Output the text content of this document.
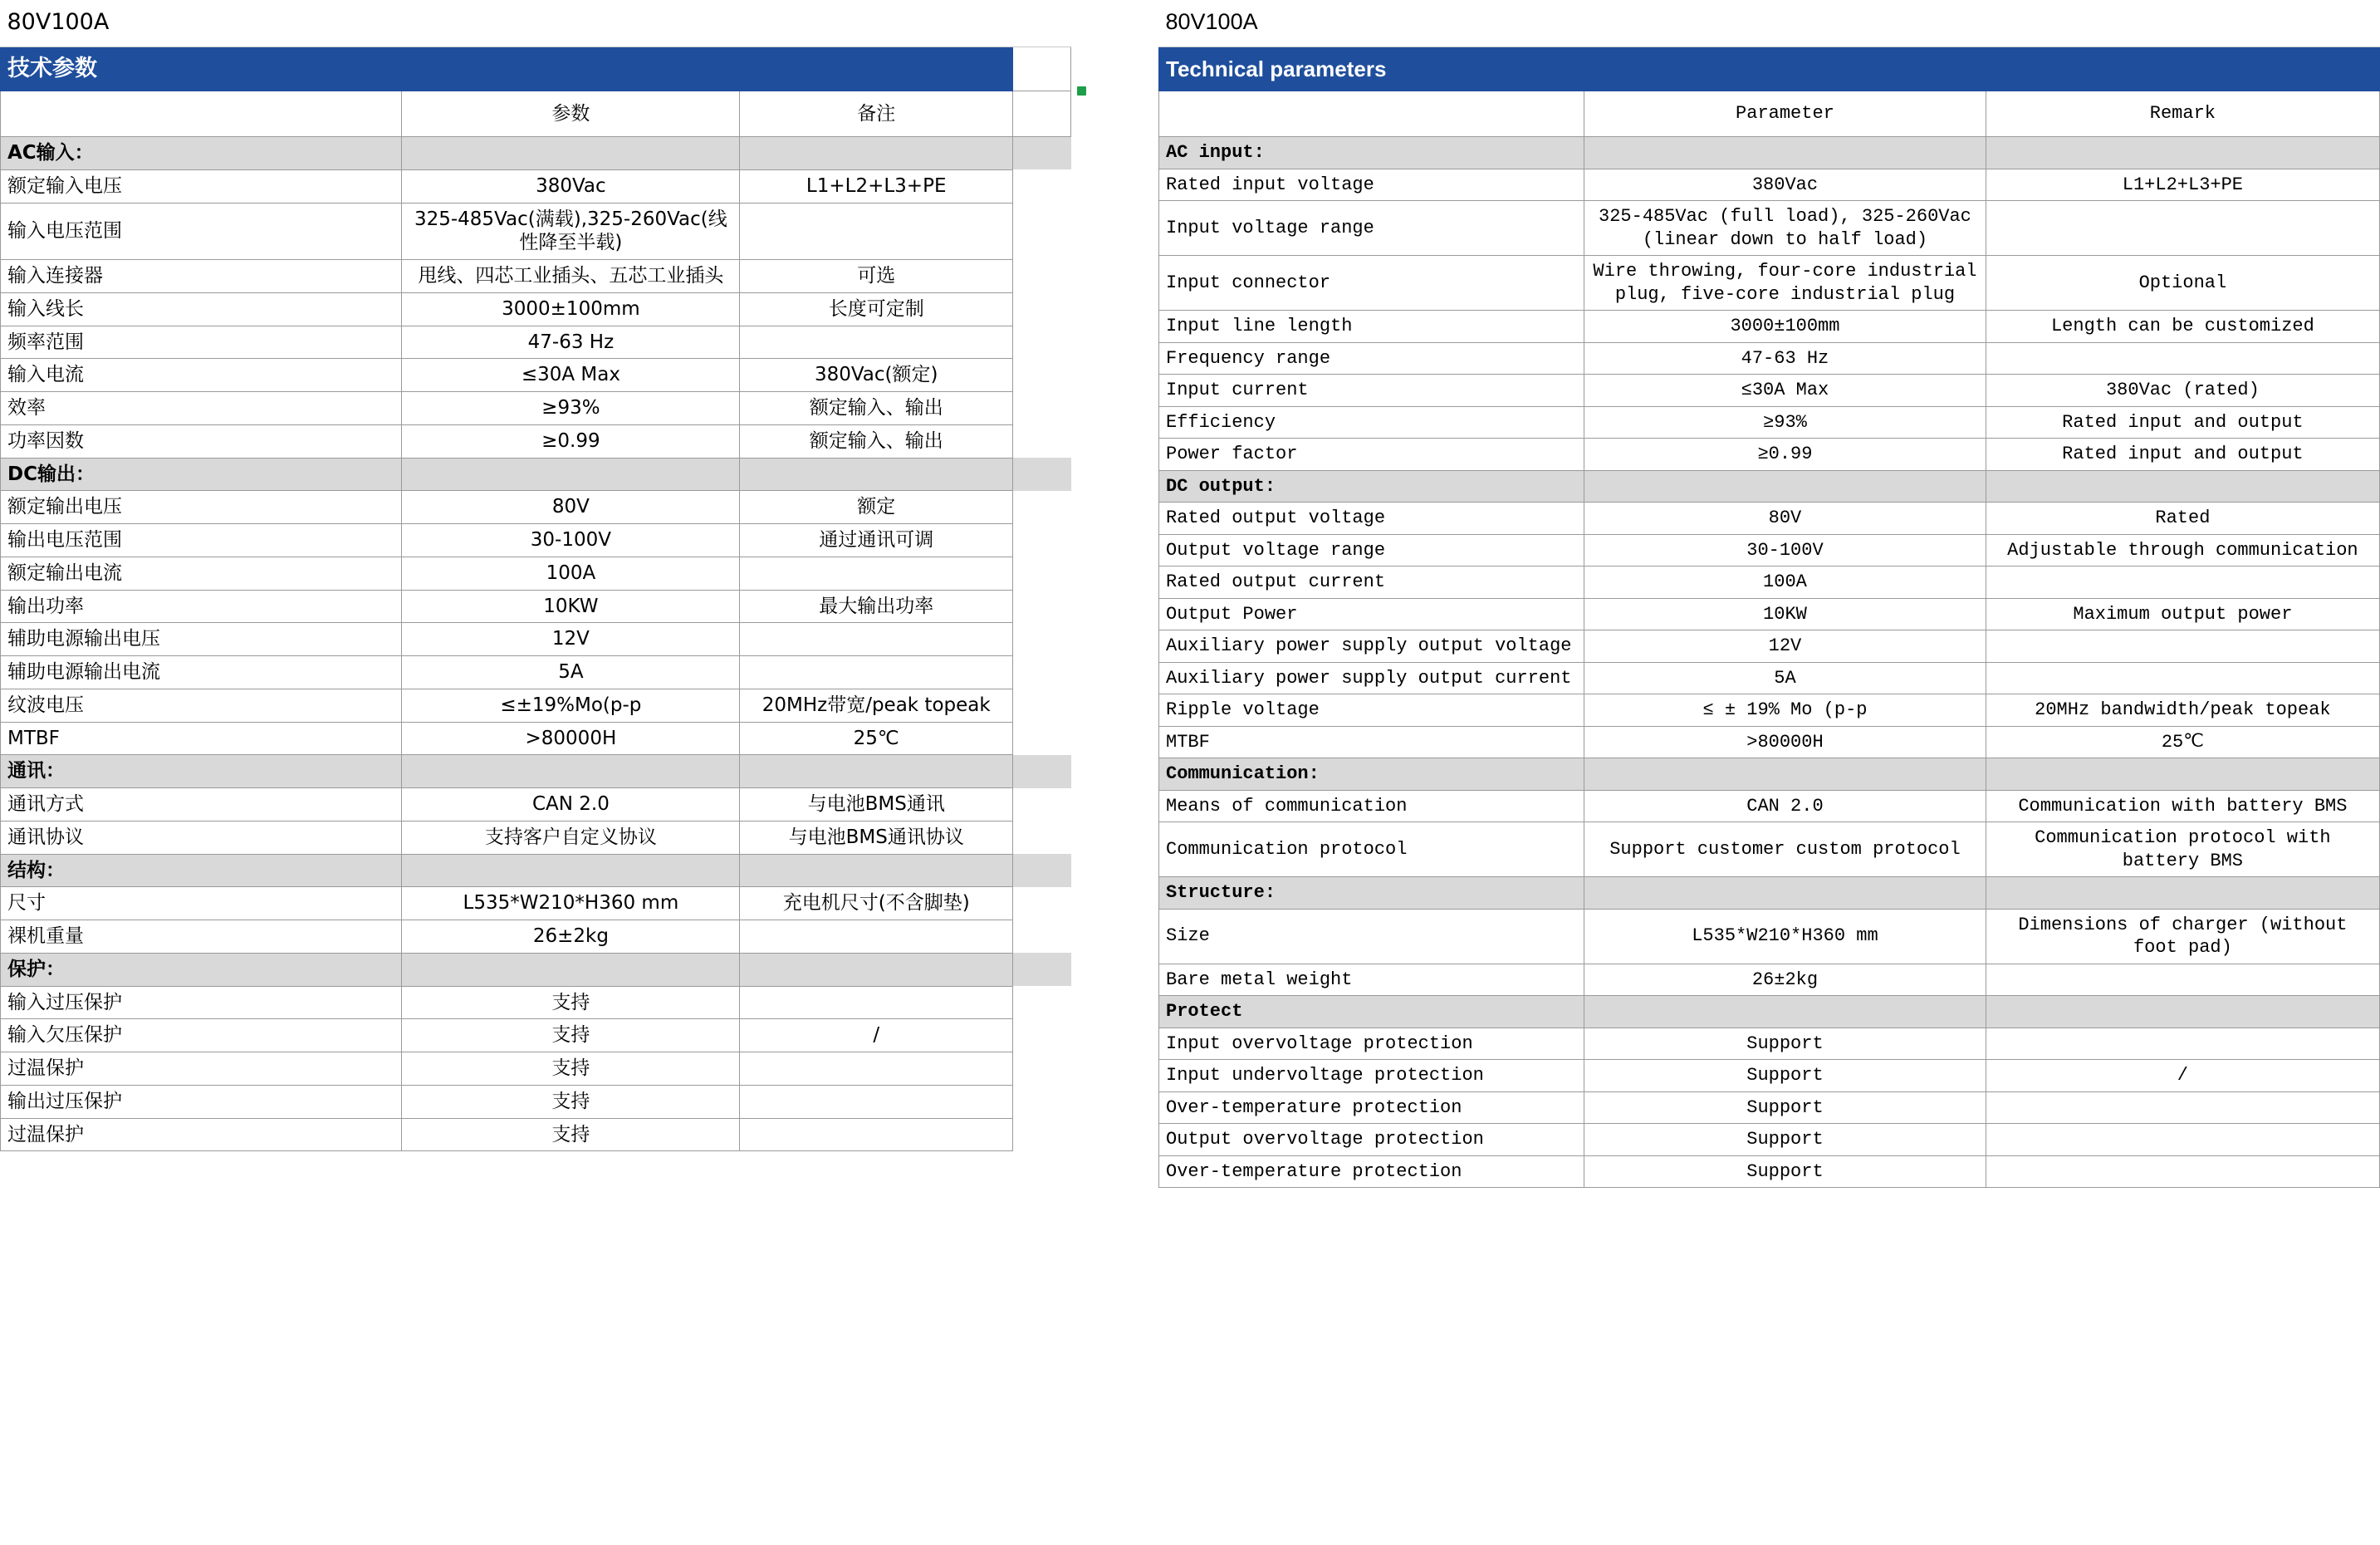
80V100A			
技术参数			
	参数	备注	
AC输入：			
额定输入电压	380Vac	L1+L2+L3+PE	
输入电压范围	325-485Vac(满载),325-260Vac(线性降至半载)		
输入连接器	甩线、四芯工业插头、五芯工业插头	可选	
输入线长	3000±100mm	长度可定制	
频率范围	47-63 Hz		
输入电流	≤30A Max	380Vac(额定)	
效率	≥93%	额定输入、输出	
功率因数	≥0.99	额定输入、输出	
DC输出：			
额定输出电压	80V	额定	
输出电压范围	30-100V	通过通讯可调	
额定输出电流	100A		
输出功率	10KW	最大输出功率	
辅助电源输出电压	12V		
辅助电源输出电流	5A		
纹波电压	≤±19%Mo(p-p	20MHz带宽/peak topeak	
MTBF	>80000H	25℃	
通讯：			
通讯方式	CAN 2.0	与电池BMS通讯	
通讯协议	支持客户自定义协议	与电池BMS通讯协议	
结构：			
尺寸	L535*W210*H360 mm	充电机尺寸(不含脚垫)	
裸机重量	26±2kg		
保护：			
输入过压保护	支持		
输入欠压保护	支持	/	
过温保护	支持		
输出过压保护	支持		
过温保护	支持		
80V100A		
Technical parameters		
	Parameter	Remark
AC input:		
Rated input voltage	380Vac	L1+L2+L3+PE
Input voltage range	325-485Vac (full load), 325-260Vac (linear down to half load)	
Input connector	Wire throwing, four-core industrial plug, five-core industrial plug	Optional
Input line length	3000±100mm	Length can be customized
Frequency range	47-63 Hz	
Input current	≤30A Max	380Vac (rated)
Efficiency	≥93%	Rated input and output
Power factor	≥0.99	Rated input and output
DC output:		
Rated output voltage	80V	Rated
Output voltage range	30-100V	Adjustable through communication
Rated output current	100A	
Output Power	10KW	Maximum output power
Auxiliary power supply output voltage	12V	
Auxiliary power supply output current	5A	
Ripple voltage	≤ ± 19% Mo (p-p	20MHz bandwidth/peak topeak
MTBF	>80000H	25℃
Communication:		
Means of communication	CAN 2.0	Communication with battery BMS
Communication protocol	Support customer custom protocol	Communication protocol with battery BMS
Structure:		
Size	L535*W210*H360 mm	Dimensions of charger (without foot pad)
Bare metal weight	26±2kg	
Protect		
Input overvoltage protection	Support	
Input undervoltage protection	Support	/
Over-temperature protection	Support	
Output overvoltage protection	Support	
Over-temperature protection	Support	
